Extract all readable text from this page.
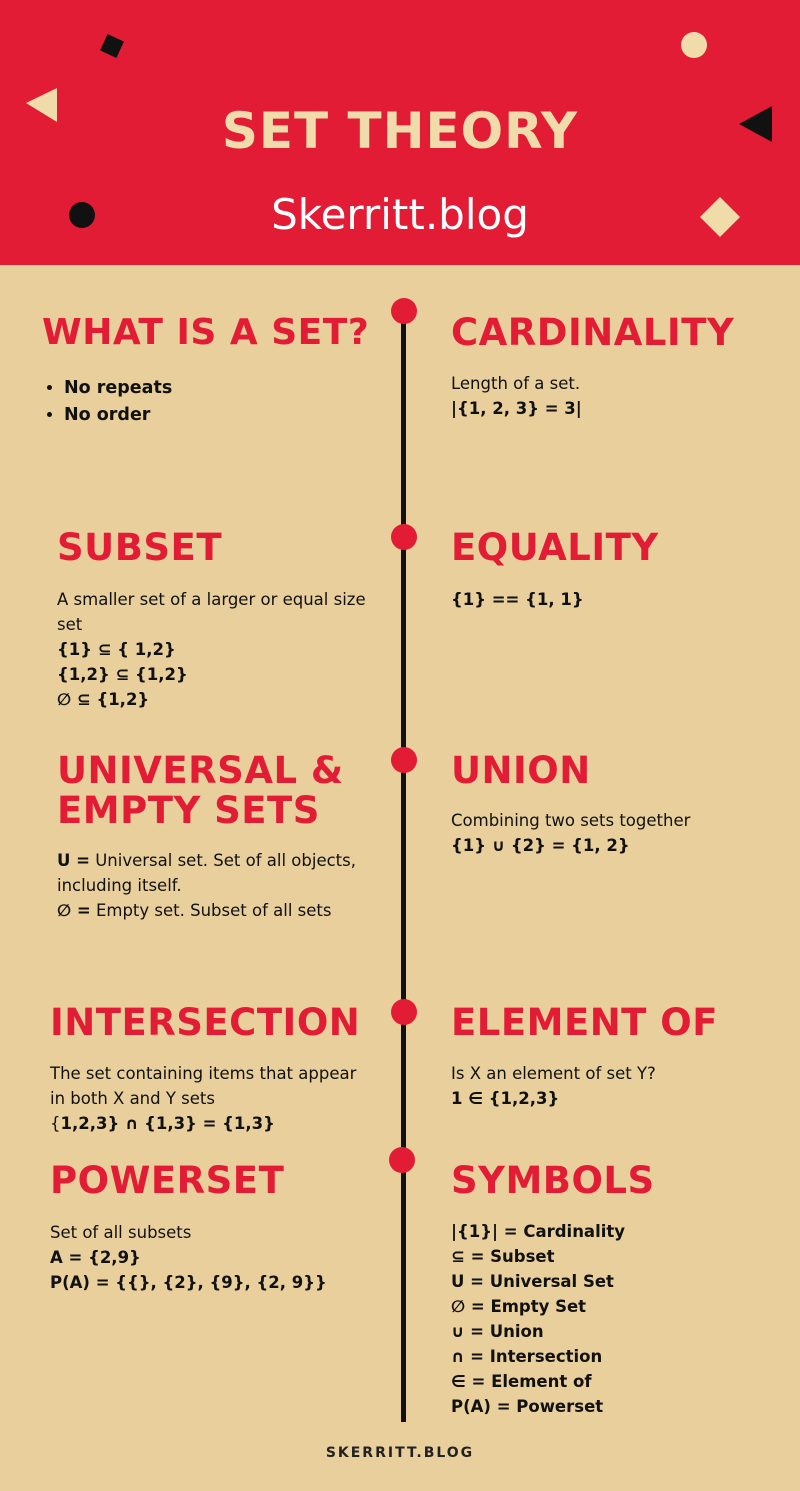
SET THEORY
Skerritt.blog
WHAT IS A SET?
• No repeats
• No order
CARDINALITY
Length of a set.
|{1, 2, 3} = 3|
SUBSET
A smaller set of a larger or equal size
set
{1} ⊆ { 1,2}
{1,2} ⊆ {1,2}
∅ ⊆ {1,2}
EQUALITY
{1} == {1, 1}
UNIVERSAL &
EMPTY SETS
U = Universal set. Set of all objects,
including itself.
∅ = Empty set. Subset of all sets
UNION
Combining two sets together
{1} ∪ {2} = {1, 2}
INTERSECTION
The set containing items that appear
in both X and Y sets
{1,2,3} ∩ {1,3} = {1,3}
ELEMENT OF
Is X an element of set Y?
1 ∈ {1,2,3}
POWERSET
Set of all subsets
A = {2,9}
P(A) = {{}, {2}, {9}, {2, 9}}
SYMBOLS
|{1}| = Cardinality
⊆ = Subset
U = Universal Set
∅ = Empty Set
∪ = Union
∩ = Intersection
∈ = Element of
P(A) = Powerset
SKERRITT.BLOG
